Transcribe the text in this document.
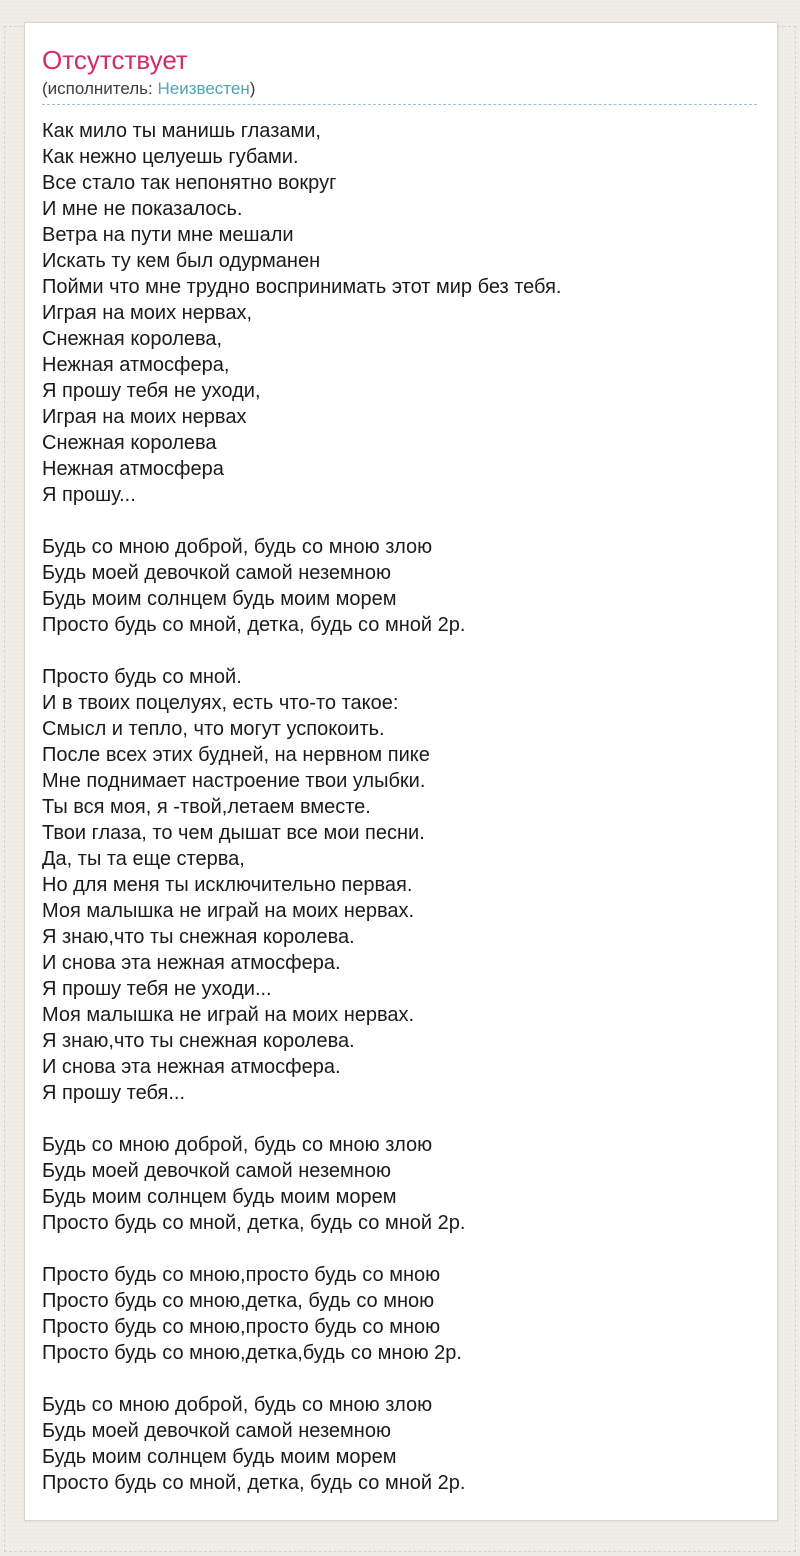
Отсутствует

(исполнитель: Неизвестен)

Как мило ты манишь глазами,
Как нежно целуешь губами.
Все стало так непонятно вокруг
И мне не показалось.
Ветра на пути мне мешали
Искать ту кем был одурманен
Пойми что мне трудно воспринимать этот мир без тебя.
Играя на моих нервах,
Снежная королева,
Нежная атмосфера,
Я прошу тебя не уходи,
Играя на моих нервах
Снежная королева
Нежная атмосфера
Я прошу...

Будь со мною доброй, будь со мною злою
Будь моей девочкой самой неземною
Будь моим солнцем будь моим морем
Просто будь со мной, детка, будь со мной 2р.

Просто будь со мной.
И в твоих поцелуях, есть что-то такое:
Смысл и тепло, что могут успокоить.
После всех этих будней, на нервном пике
Мне поднимает настроение твои улыбки.
Ты вся моя, я -твой,летаем вместе.
Твои глаза, то чем дышат все мои песни.
Да, ты та еще стерва,
Но для меня ты исключительно первая.
Моя малышка не играй на моих нервах.
Я знаю,что ты снежная королева.
И снова эта нежная атмосфера.
Я прошу тебя не уходи...
Моя малышка не играй на моих нервах.
Я знаю,что ты снежная королева.
И снова эта нежная атмосфера.
Я прошу тебя...

Будь со мною доброй, будь со мною злою
Будь моей девочкой самой неземною
Будь моим солнцем будь моим морем
Просто будь со мной, детка, будь со мной 2р.

Просто будь со мною,просто будь со мною
Просто будь со мною,детка, будь со мною
Просто будь со мною,просто будь со мною
Просто будь со мною,детка,будь со мною 2р.

Будь со мною доброй, будь со мною злою
Будь моей девочкой самой неземною
Будь моим солнцем будь моим морем
Просто будь со мной, детка, будь со мной 2р.
